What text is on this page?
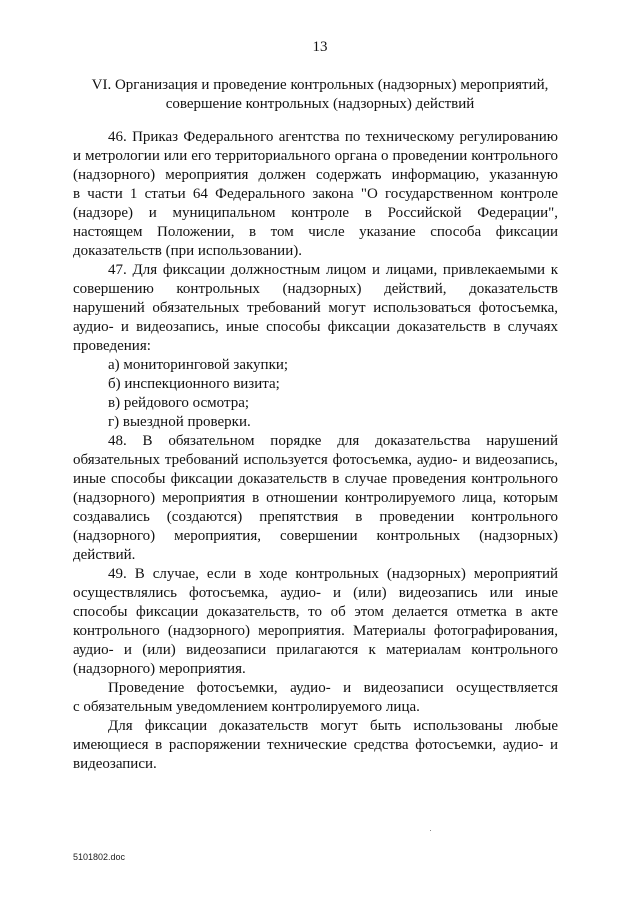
13
VI. Организация и проведение контрольных (надзорных) мероприятий,
совершение контрольных (надзорных) действий

46. Приказ Федерального агентства по техническому регулированию
и метрологии или его территориального органа о проведении контрольного
(надзорного) мероприятия должен содержать информацию, указанную
в части 1 статьи 64 Федерального закона "О государственном контроле
(надзоре) и муниципальном контроле в Российской Федерации",
настоящем Положении, в том числе указание способа фиксации
доказательств (при использовании).

47. Для фиксации должностным лицом и лицами, привлекаемыми к
совершению контрольных (надзорных) действий, доказательств
нарушений обязательных требований могут использоваться фотосъемка,
аудио- и видеозапись, иные способы фиксации доказательств в случаях
проведения:

а) мониторинговой закупки;
б) инспекционного визита;
в) рейдового осмотра;
г) выездной проверки.

48. В обязательном порядке для доказательства нарушений
обязательных требований используется фотосъемка, аудио- и видеозапись,
иные способы фиксации доказательств в случае проведения контрольного
(надзорного) мероприятия в отношении контролируемого лица, которым
создавались (создаются) препятствия в проведении контрольного
(надзорного) мероприятия, совершении контрольных (надзорных)
действий.

49. В случае, если в ходе контрольных (надзорных) мероприятий
осуществлялись фотосъемка, аудио- и (или) видеозапись или иные
способы фиксации доказательств, то об этом делается отметка в акте
контрольного (надзорного) мероприятия. Материалы фотографирования,
аудио- и (или) видеозаписи прилагаются к материалам контрольного
(надзорного) мероприятия.

Проведение фотосъемки, аудио- и видеозаписи осуществляется
с обязательным уведомлением контролируемого лица.

Для фиксации доказательств могут быть использованы любые
имеющиеся в распоряжении технические средства фотосъемки, аудио- и
видеозаписи.

5101802.doc
